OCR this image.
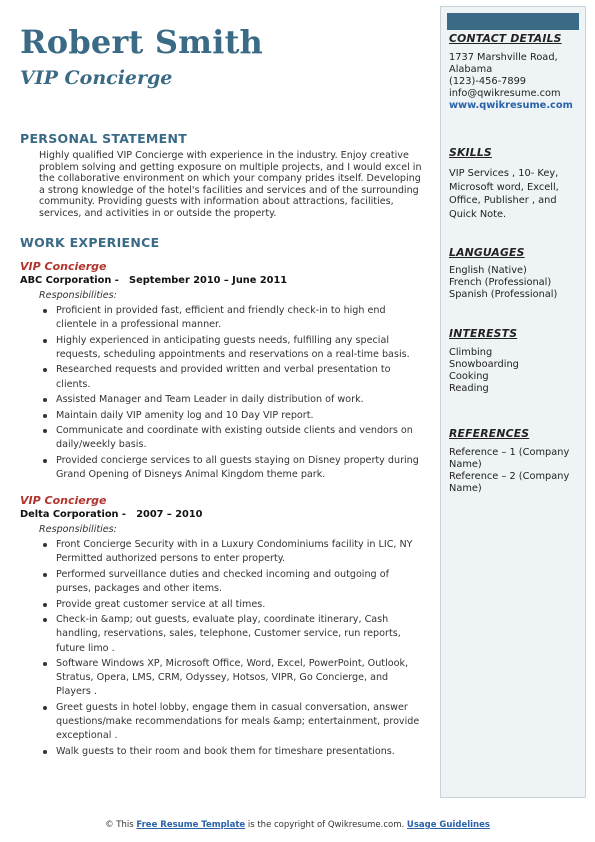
Robert Smith
VIP Concierge
PERSONAL STATEMENT
Highly qualified VIP Concierge with experience in the industry. Enjoy creative problem solving and getting exposure on multiple projects, and I would excel in the collaborative environment on which your company prides itself. Developing a strong knowledge of the hotel's facilities and services and of the surrounding community. Providing guests with information about attractions, facilities, services, and activities in or outside the property.
WORK EXPERIENCE
VIP Concierge
ABC Corporation -   September 2010 – June 2011
Responsibilities:
Proficient in provided fast, efficient and friendly check-in to high end clientele in a professional manner.
Highly experienced in anticipating guests needs, fulfilling any special requests, scheduling appointments and reservations on a real-time basis.
Researched requests and provided written and verbal presentation to clients.
Assisted Manager and Team Leader in daily distribution of work.
Maintain daily VIP amenity log and 10 Day VIP report.
Communicate and coordinate with existing outside clients and vendors on daily/weekly basis.
Provided concierge services to all guests staying on Disney property during Grand Opening of Disneys Animal Kingdom theme park.
VIP Concierge
Delta Corporation -   2007 – 2010
Responsibilities:
Front Concierge Security with in a Luxury Condominiums facility in LIC, NY Permitted authorized persons to enter property.
Performed surveillance duties and checked incoming and outgoing of purses, packages and other items.
Provide great customer service at all times.
Check-in &amp; out guests, evaluate play, coordinate itinerary, Cash handling, reservations, sales, telephone, Customer service, run reports, future limo .
Software Windows XP, Microsoft Office, Word, Excel, PowerPoint, Outlook, Stratus, Opera, LMS, CRM, Odyssey, Hotsos, VIPR, Go Concierge, and Players .
Greet guests in hotel lobby, engage them in casual conversation, answer questions/make recommendations for meals &amp; entertainment, provide exceptional .
Walk guests to their room and book them for timeshare presentations.
CONTACT DETAILS
1737 Marshville Road,
Alabama
(123)-456-7899
info@qwikresume.com
www.qwikresume.com
SKILLS
VIP Services , 10- Key, Microsoft word, Excell, Office, Publisher , and Quick Note.
LANGUAGES
English (Native)
French (Professional)
Spanish (Professional)
INTERESTS
Climbing
Snowboarding
Cooking
Reading
REFERENCES
Reference – 1 (Company Name)
Reference – 2 (Company Name)
© This Free Resume Template is the copyright of Qwikresume.com. Usage Guidelines
